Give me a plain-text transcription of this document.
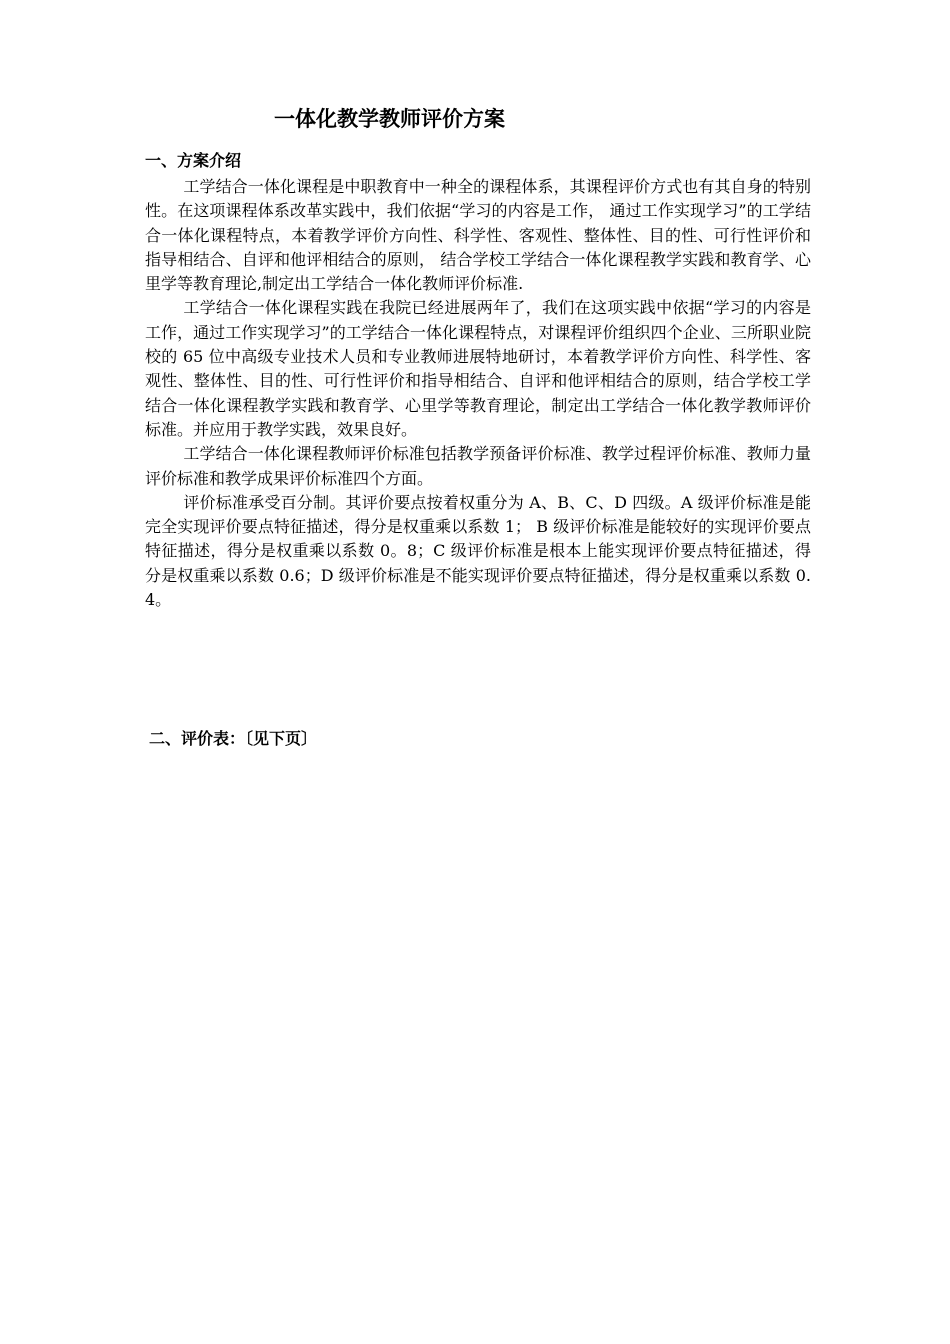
一体化教学教师评价方案
一、方案介绍

工学结合一体化课程是中职教育中一种全的课程体系，其课程评价方式也有其自身的特别性。在这项课程体系改革实践中，我们依据“学习的内容是工作， 通过工作实现学习”的工学结合一体化课程特点，本着教学评价方向性、科学性、客观性、整体性、目的性、可行性评价和指导相结合、自评和他评相结合的原则， 结合学校工学结合一体化课程教学实践和教育学、心里学等教育理论,制定出工学结合一体化教师评价标准.

工学结合一体化课程实践在我院已经进展两年了，我们在这项实践中依据“学习的内容是工作，通过工作实现学习”的工学结合一体化课程特点，对课程评价组织四个企业、三所职业院校的 65 位中高级专业技术人员和专业教师进展特地研讨，本着教学评价方向性、科学性、客观性、整体性、目的性、可行性评价和指导相结合、自评和他评相结合的原则，结合学校工学结合一体化课程教学实践和教育学、心里学等教育理论，制定出工学结合一体化教学教师评价标准。并应用于教学实践，效果良好。

工学结合一体化课程教师评价标准包括教学预备评价标准、教学过程评价标准、教师力量评价标准和教学成果评价标准四个方面。

评价标准承受百分制。其评价要点按着权重分为 A、B、C、D 四级。A 级评价标准是能完全实现评价要点特征描述，得分是权重乘以系数 1； B 级评价标准是能较好的实现评价要点特征描述，得分是权重乘以系数 0。8；C 级评价标准是根本上能实现评价要点特征描述，得分是权重乘以系数 0.6；D 级评价标准是不能实现评价要点特征描述，得分是权重乘以系数 0.4。

二、评价表：〔见下页〕
